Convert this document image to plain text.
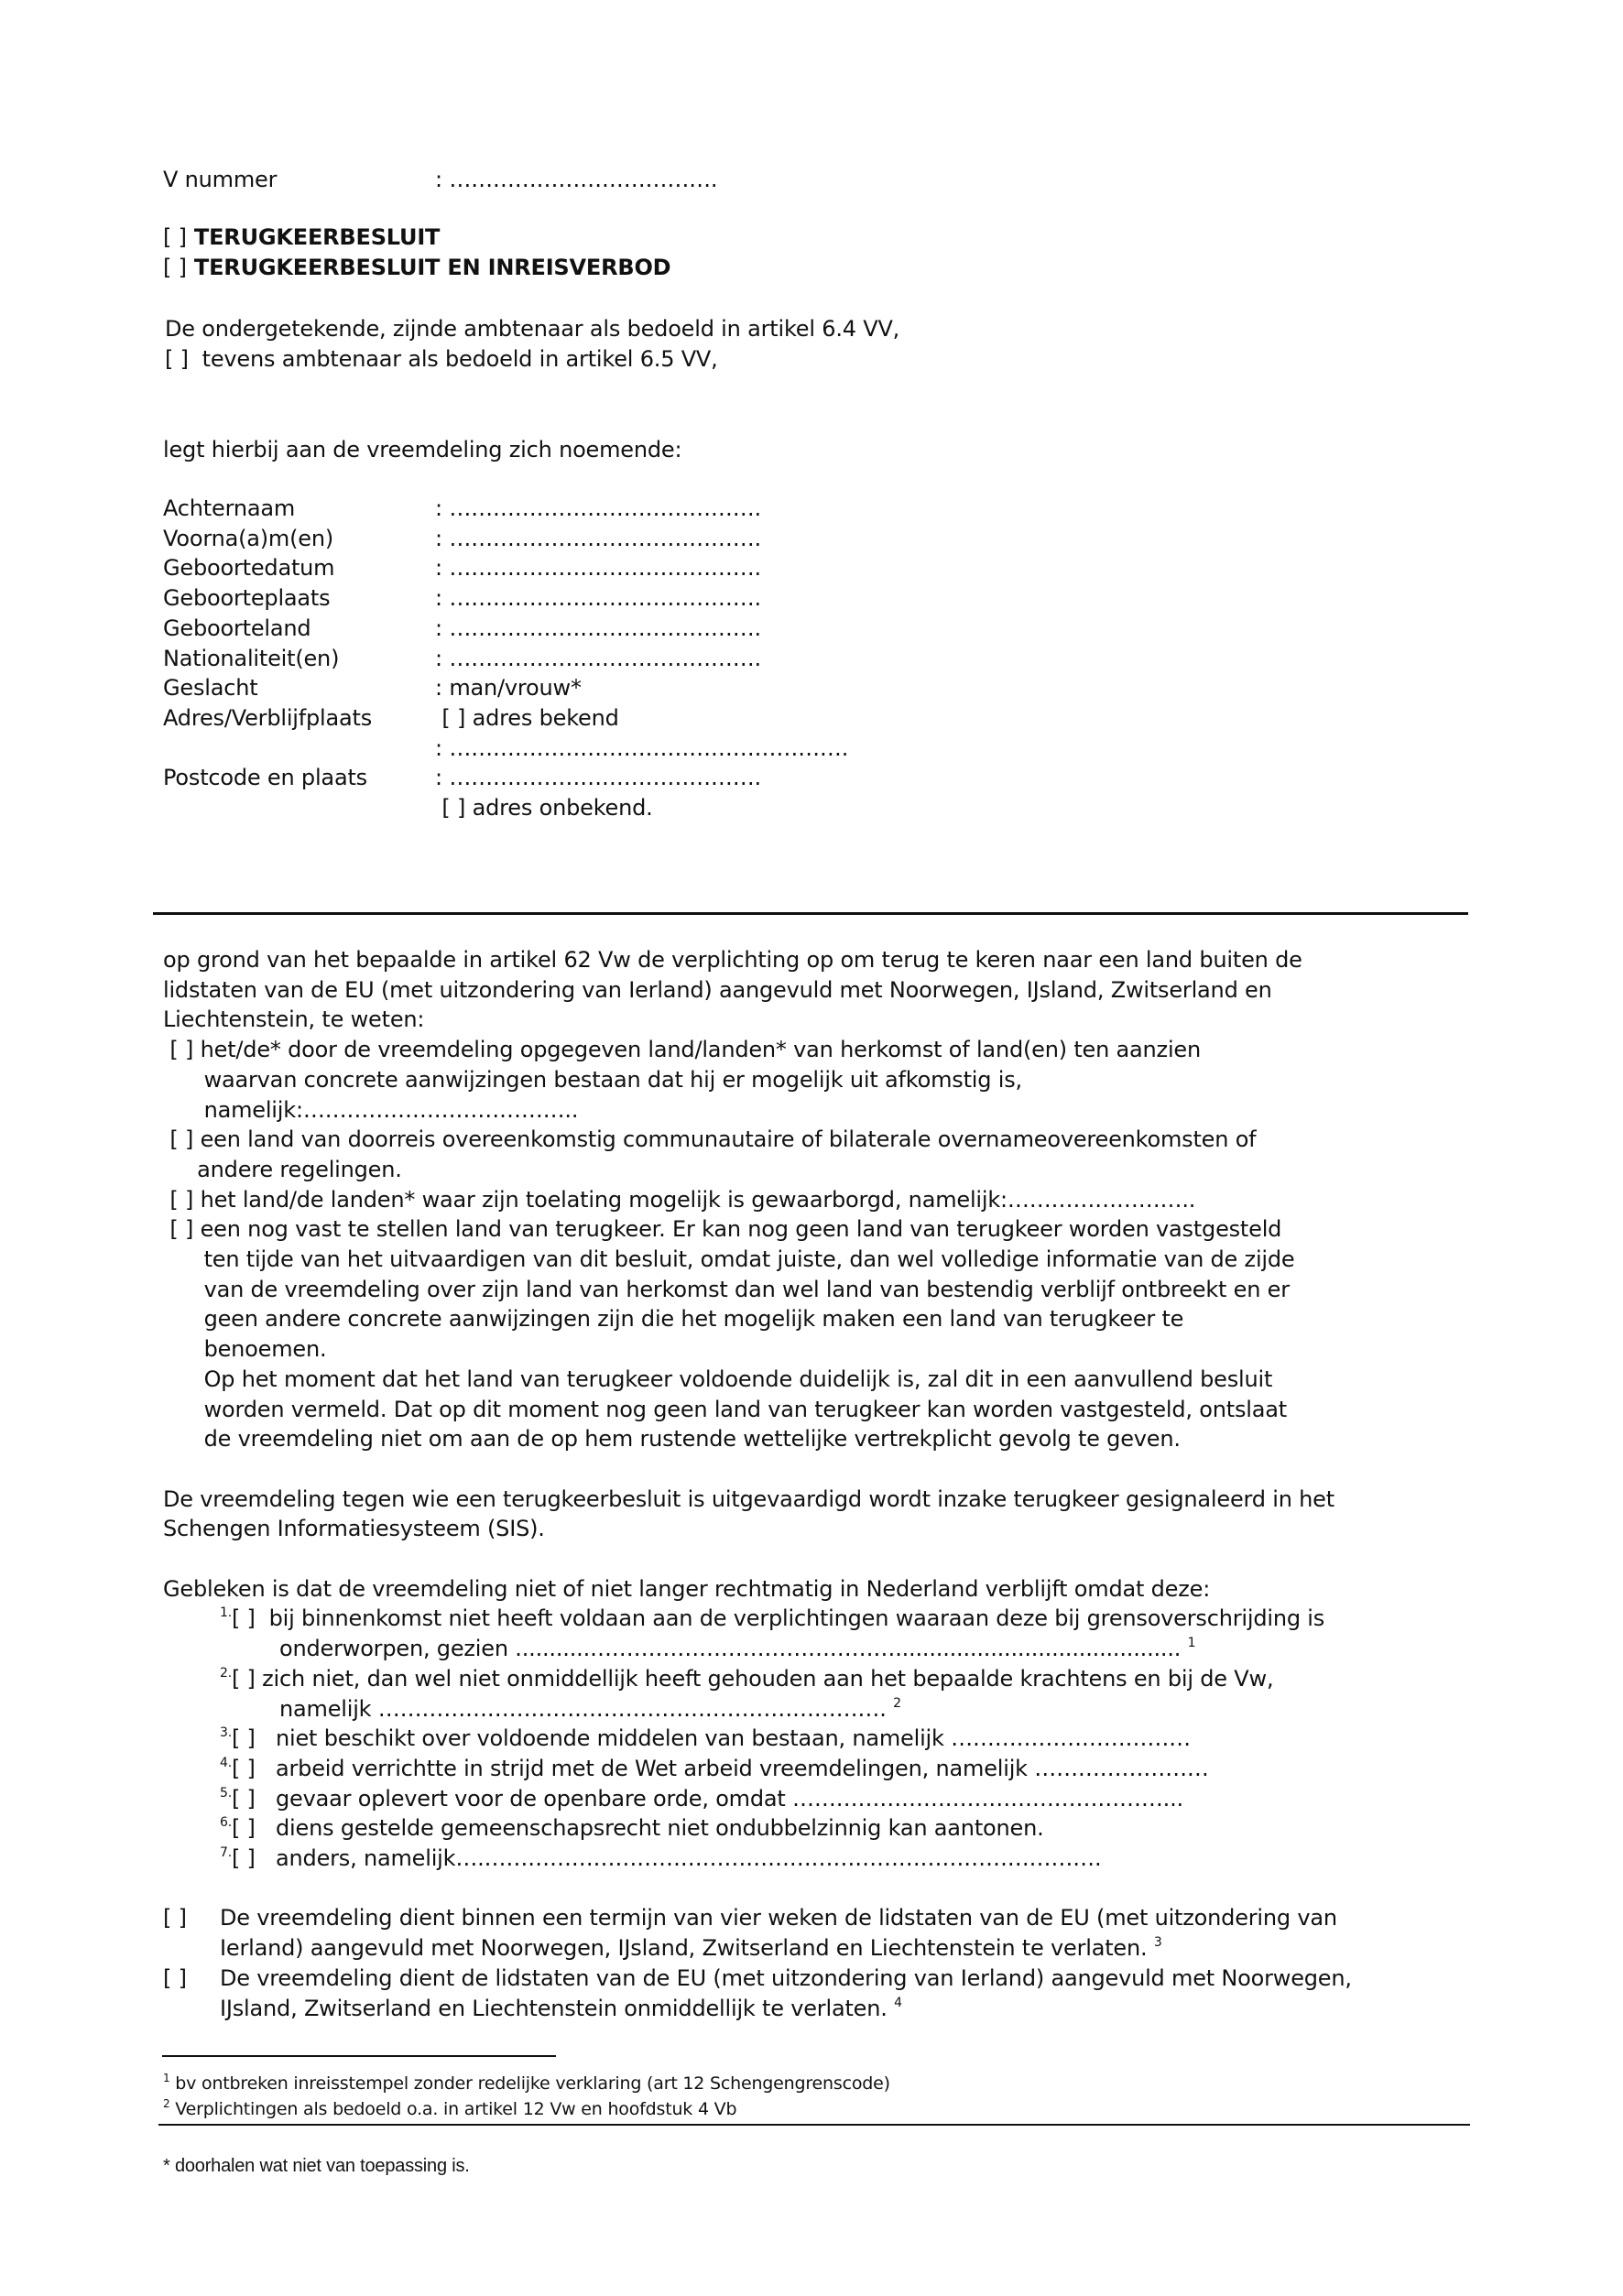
V nummer	: ……………………………….
[ ] TERUGKEERBESLUIT
[ ] TERUGKEERBESLUIT EN INREISVERBOD
De ondergetekende, zijnde ambtenaar als bedoeld in artikel 6.4 VV,
[ ]  tevens ambtenaar als bedoeld in artikel 6.5 VV,
legt hierbij aan de vreemdeling zich noemende:
Achternaam	: …………………………………….
Voorna(a)m(en)	: …………………………………….
Geboortedatum	: …………………………………….
Geboorteplaats	: …………………………………….
Geboorteland	: …………………………………….
Nationaliteit(en)	: …………………………………….
Geslacht	: man/vrouw*
Adres/Verblijfplaats	[ ] adres bekend
: ……………………………………………….
Postcode en plaats	: …………………………………….
[ ] adres onbekend.
op grond van het bepaalde in artikel 62 Vw de verplichting op om terug te keren naar een land buiten de
lidstaten van de EU (met uitzondering van Ierland) aangevuld met Noorwegen, IJsland, Zwitserland en
Liechtenstein, te weten:
[ ] het/de* door de vreemdeling opgegeven land/landen* van herkomst of land(en) ten aanzien
waarvan concrete aanwijzingen bestaan dat hij er mogelijk uit afkomstig is,
namelijk:………………………………..
[ ] een land van doorreis overeenkomstig communautaire of bilaterale overnameovereenkomsten of
andere regelingen.
[ ] het land/de landen* waar zijn toelating mogelijk is gewaarborgd, namelijk:……………………..
[ ] een nog vast te stellen land van terugkeer. Er kan nog geen land van terugkeer worden vastgesteld
ten tijde van het uitvaardigen van dit besluit, omdat juiste, dan wel volledige informatie van de zijde
van de vreemdeling over zijn land van herkomst dan wel land van bestendig verblijf ontbreekt en er
geen andere concrete aanwijzingen zijn die het mogelijk maken een land van terugkeer te
benoemen.
Op het moment dat het land van terugkeer voldoende duidelijk is, zal dit in een aanvullend besluit
worden vermeld. Dat op dit moment nog geen land van terugkeer kan worden vastgesteld, ontslaat
de vreemdeling niet om aan de op hem rustende wettelijke vertrekplicht gevolg te geven.
De vreemdeling tegen wie een terugkeerbesluit is uitgevaardigd wordt inzake terugkeer gesignaleerd in het
Schengen Informatiesysteem (SIS).
Gebleken is dat de vreemdeling niet of niet langer rechtmatig in Nederland verblijft omdat deze:
$^{1.}$[ ]  bij binnenkomst niet heeft voldaan aan de verplichtingen waaraan deze bij grensoverschrijding is
onderworpen, gezien ...........…………………………………….......................................... $^1$
$^{2.}$[ ] zich niet, dan wel niet onmiddellijk heeft gehouden aan het bepaalde krachtens en bij de Vw,
namelijk ……………………………………………………………. $^2$
$^{3.}$[ ]   niet beschikt over voldoende middelen van bestaan, namelijk ……………………………
$^{4.}$[ ]   arbeid verrichtte in strijd met de Wet arbeid vreemdelingen, namelijk ……………………
$^{5.}$[ ]   gevaar oplevert voor de openbare orde, omdat ……………………………………………...
$^{6.}$[ ]   diens gestelde gemeenschapsrecht niet ondubbelzinnig kan aantonen.
$^{7.}$[ ]   anders, namelijk….………………………………………………………………………….
[ ] De vreemdeling dient binnen een termijn van vier weken de lidstaten van de EU (met uitzondering van
Ierland) aangevuld met Noorwegen, IJsland, Zwitserland en Liechtenstein te verlaten. $^3$
[ ] De vreemdeling dient de lidstaten van de EU (met uitzondering van Ierland) aangevuld met Noorwegen,
IJsland, Zwitserland en Liechtenstein onmiddellijk te verlaten. $^4$
$^1$ bv ontbreken inreisstempel zonder redelijke verklaring (art 12 Schengengrenscode)
$^2$ Verplichtingen als bedoeld o.a. in artikel 12 Vw en hoofdstuk 4 Vb
* doorhalen wat niet van toepassing is.
